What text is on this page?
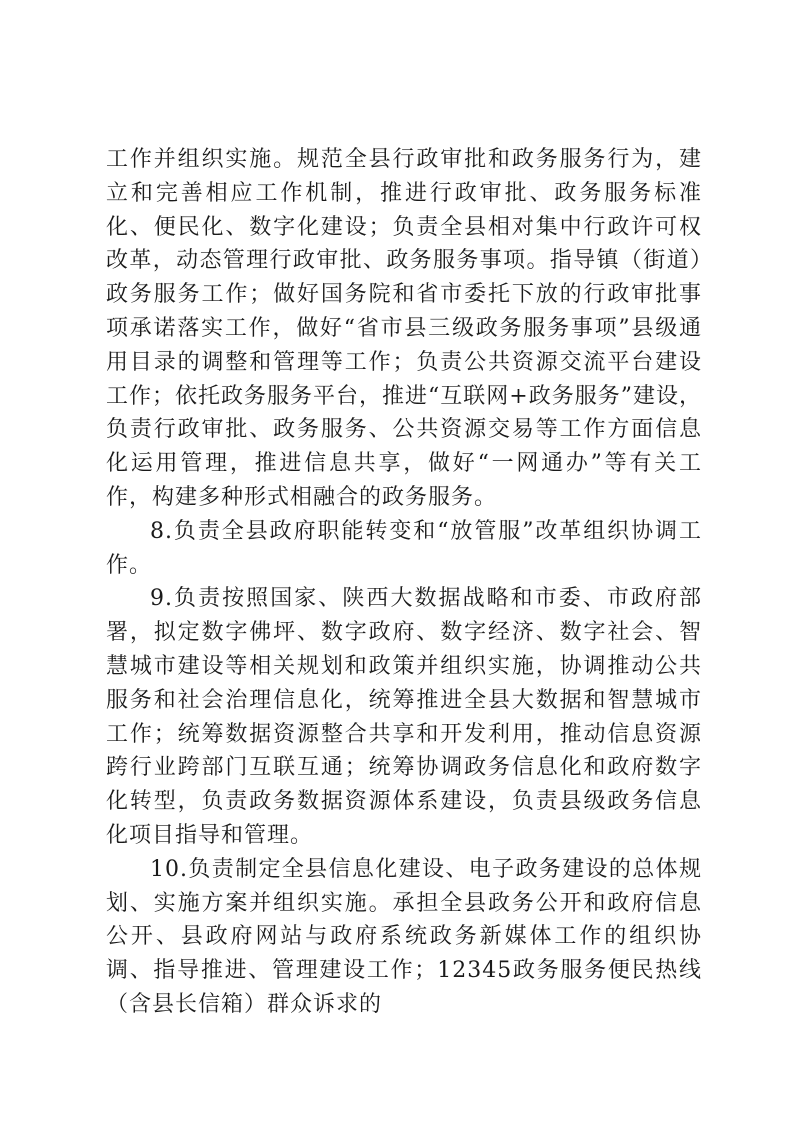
工作并组织实施。规范全县行政审批和政务服务行为，建立和完善相应工作机制，推进行政审批、政务服务标准化、便民化、数字化建设；负责全县相对集中行政许可权改革，动态管理行政审批、政务服务事项。指导镇（街道）政务服务工作；做好国务院和省市委托下放的行政审批事项承诺落实工作，做好“省市县三级政务服务事项”县级通用目录的调整和管理等工作；负责公共资源交流平台建设工作；依托政务服务平台，推进“互联网+政务服务”建设，负责行政审批、政务服务、公共资源交易等工作方面信息化运用管理，推进信息共享，做好“一网通办”等有关工作，构建多种形式相融合的政务服务。

8.负责全县政府职能转变和“放管服”改革组织协调工作。

9.负责按照国家、陕西大数据战略和市委、市政府部署，拟定数字佛坪、数字政府、数字经济、数字社会、智慧城市建设等相关规划和政策并组织实施，协调推动公共服务和社会治理信息化，统筹推进全县大数据和智慧城市工作；统筹数据资源整合共享和开发利用，推动信息资源跨行业跨部门互联互通；统筹协调政务信息化和政府数字化转型，负责政务数据资源体系建设，负责县级政务信息化项目指导和管理。

10.负责制定全县信息化建设、电子政务建设的总体规划、实施方案并组织实施。承担全县政务公开和政府信息公开、县政府网站与政府系统政务新媒体工作的组织协调、指导推进、管理建设工作；12345政务服务便民热线（含县长信箱）群众诉求的
